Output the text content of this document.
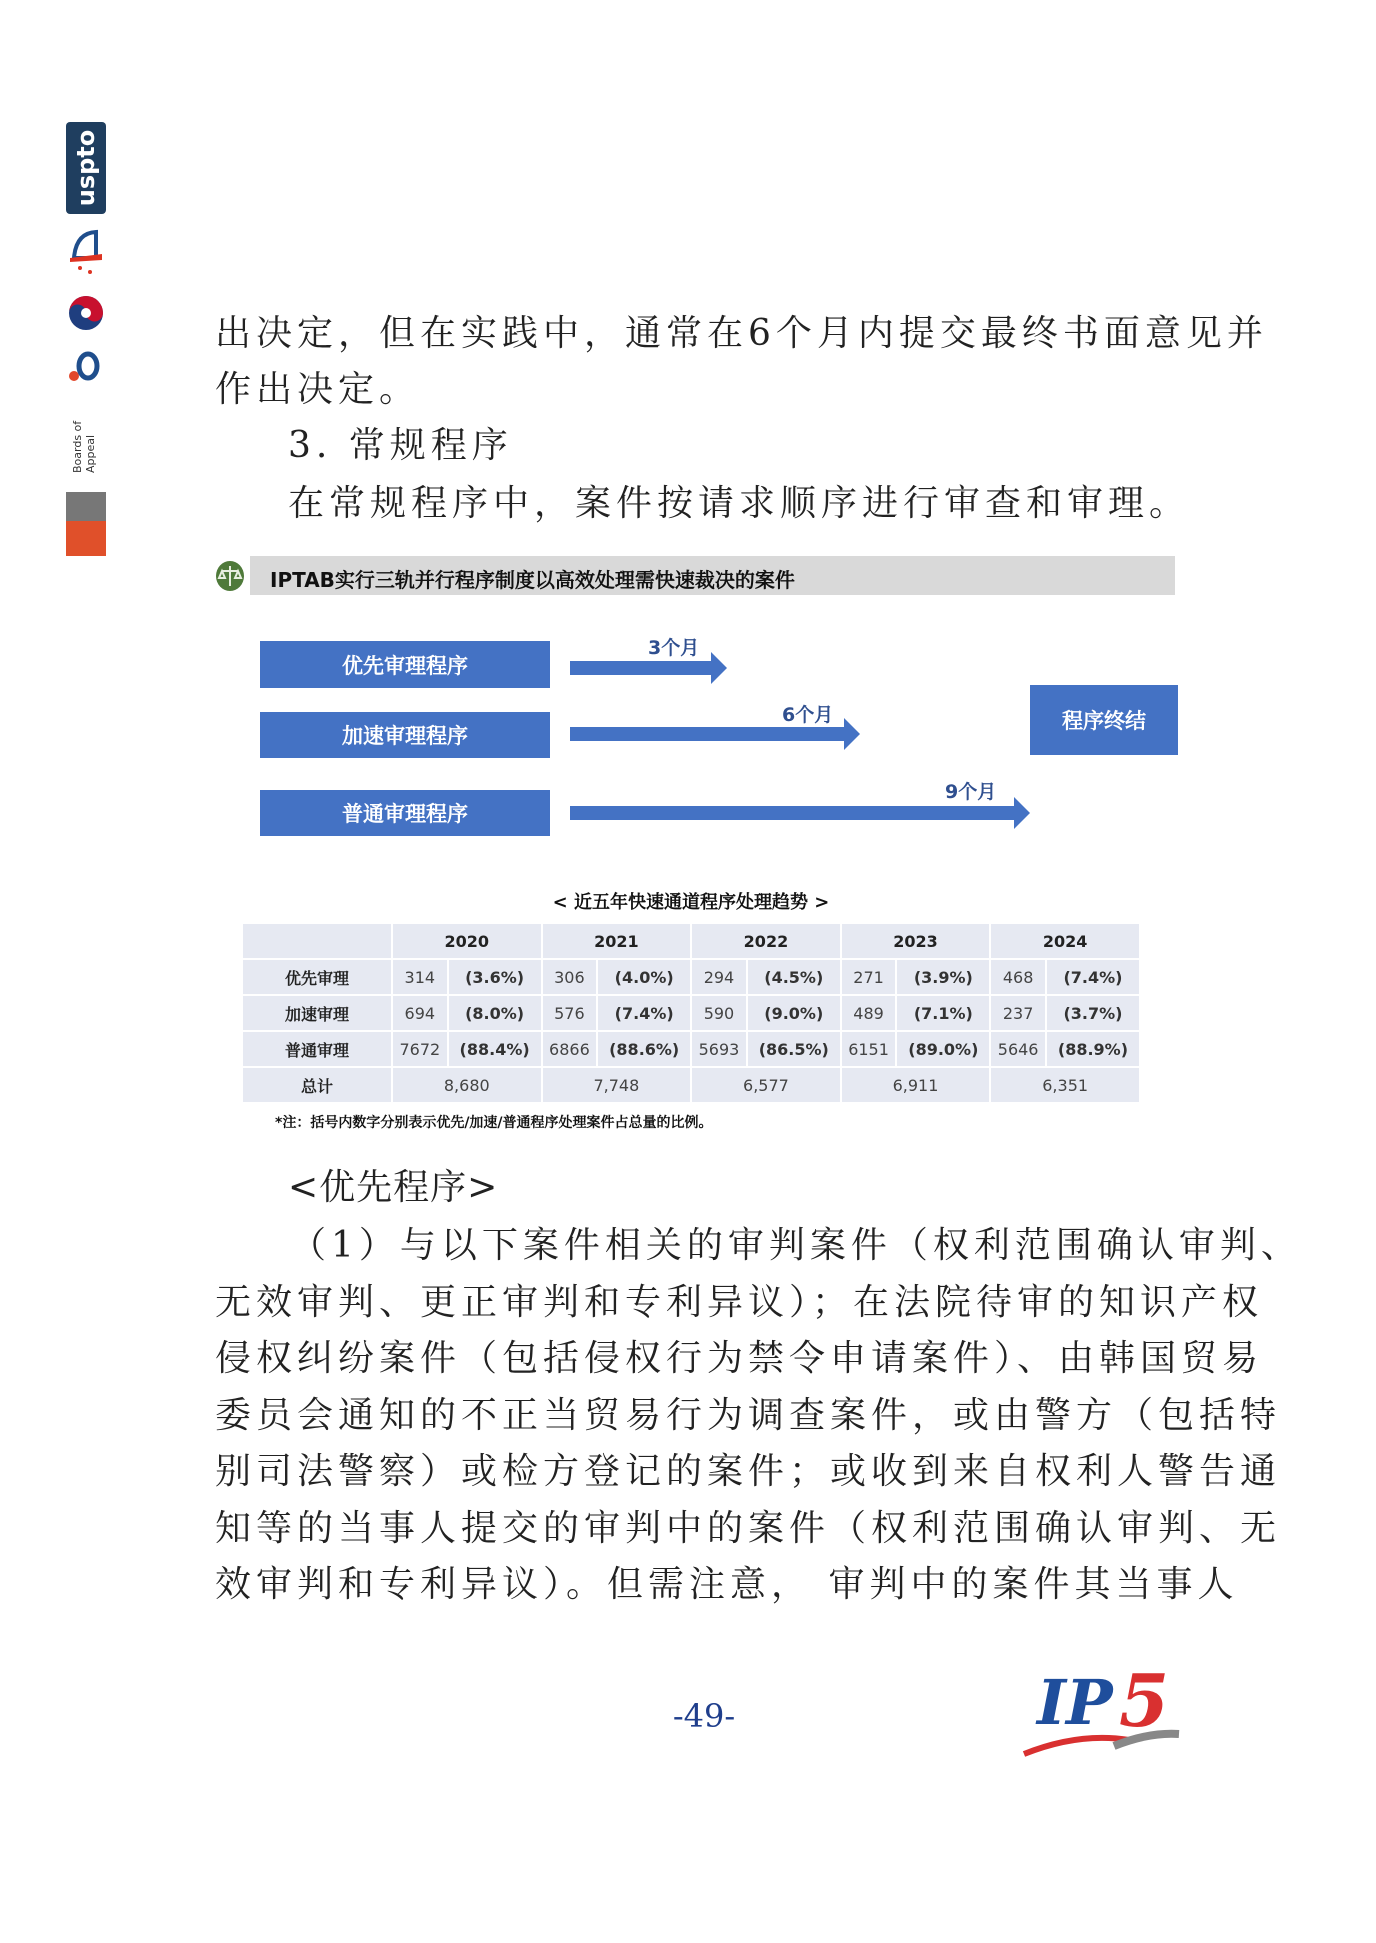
uspto
Boards of Appeal
出决定，但在实践中，通常在6个月内提交最终书面意见并
作出决定。
3. 常规程序
在常规程序中，案件按请求顺序进行审查和审理。
IPTAB实行三轨并行程序制度以高效处理需快速裁决的案件
优先审理程序
加速审理程序
普通审理程序
3个月
6个月
9个月
程序终结
< 近五年快速通道程序处理趋势 >
	2020		2021		2022		2023		2024	
优先审理	314	(3.6%)	306	(4.0%)	294	(4.5%)	271	(3.9%)	468	(7.4%)
加速审理	694	(8.0%)	576	(7.4%)	590	(9.0%)	489	(7.1%)	237	(3.7%)
普通审理	7672	(88.4%)	6866	(88.6%)	5693	(86.5%)	6151	(89.0%)	5646	(88.9%)
总计	8,680		7,748		6,577		6,911		6,351	
*注：括号内数字分别表示优先/加速/普通程序处理案件占总量的比例。
<优先程序>
（1）与以下案件相关的审判案件（权利范围确认审判、
无效审判、更正审判和专利异议）；在法院待审的知识产权
侵权纠纷案件（包括侵权行为禁令申请案件）、由韩国贸易
委员会通知的不正当贸易行为调查案件，或由警方（包括特
别司法警察）或检方登记的案件；或收到来自权利人警告通
知等的当事人提交的审判中的案件（权利范围确认审判、无
效审判和专利异议）。但需注意， 审判中的案件其当事人
-49-	IP 5
